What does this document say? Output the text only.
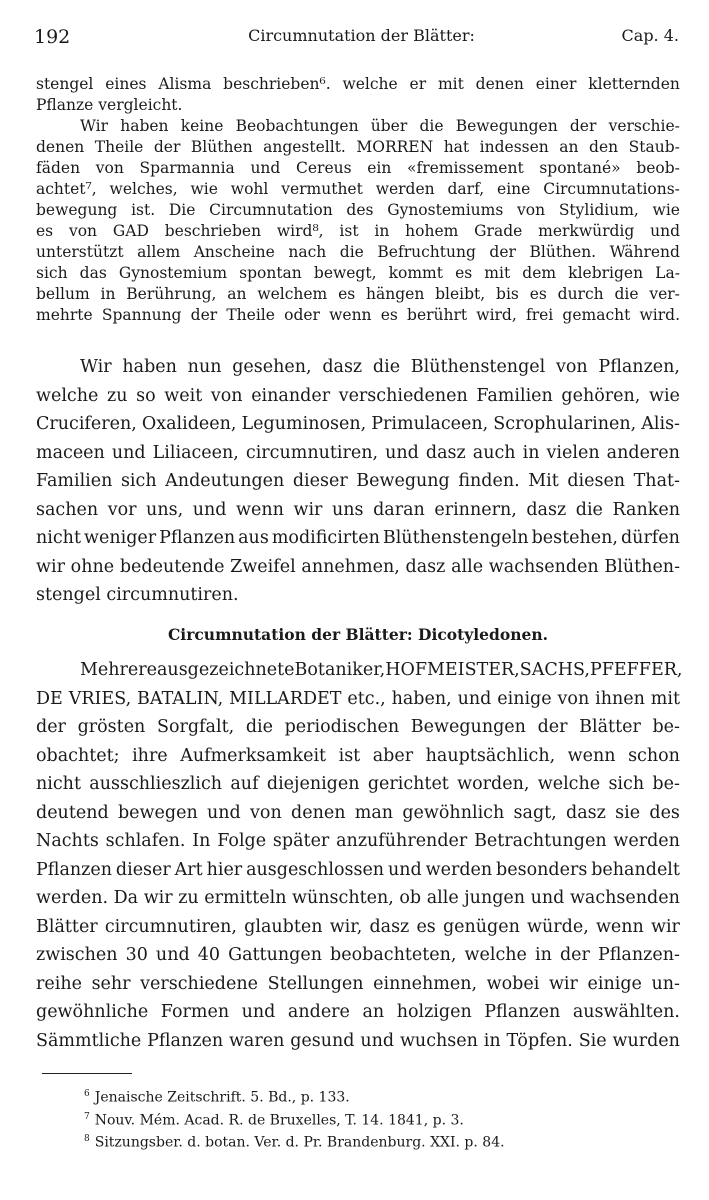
192	Circumnutation der Blätter:	Cap. 4.
stengel eines Alisma beschrieben⁶. welche er mit denen einer kletternden
Pflanze vergleicht.
Wir haben keine Beobachtungen über die Bewegungen der verschie-
denen Theile der Blüthen angestellt. MORREN hat indessen an den Staub-
fäden von Sparmannia und Cereus ein «fremissement spontané» beob-
achtet⁷, welches, wie wohl vermuthet werden darf, eine Circumnutations-
bewegung ist. Die Circumnutation des Gynostemiums von Stylidium, wie
es von GAD beschrieben wird⁸, ist in hohem Grade merkwürdig und
unterstützt allem Anscheine nach die Befruchtung der Blüthen. Während
sich das Gynostemium spontan bewegt, kommt es mit dem klebrigen La-
bellum in Berührung, an welchem es hängen bleibt, bis es durch die ver-
mehrte Spannung der Theile oder wenn es berührt wird, frei gemacht wird.
Wir haben nun gesehen, dasz die Blüthenstengel von Pflanzen,
welche zu so weit von einander verschiedenen Familien gehören, wie
Cruciferen, Oxalideen, Leguminosen, Primulaceen, Scrophularinen, Alis-
maceen und Liliaceen, circumnutiren, und dasz auch in vielen anderen
Familien sich Andeutungen dieser Bewegung finden. Mit diesen That-
sachen vor uns, und wenn wir uns daran erinnern, dasz die Ranken
nicht weniger Pflanzen aus modificirten Blüthenstengeln bestehen, dürfen
wir ohne bedeutende Zweifel annehmen, dasz alle wachsenden Blüthen-
stengel circumnutiren.
Circumnutation der Blätter: Dicotyledonen.
Mehrere ausgezeichnete Botaniker, HOFMEISTER, SACHS, PFEFFER,
DE VRIES, BATALIN, MILLARDET etc., haben, und einige von ihnen mit
der grösten Sorgfalt, die periodischen Bewegungen der Blätter be-
obachtet; ihre Aufmerksamkeit ist aber hauptsächlich, wenn schon
nicht ausschlieszlich auf diejenigen gerichtet worden, welche sich be-
deutend bewegen und von denen man gewöhnlich sagt, dasz sie des
Nachts schlafen. In Folge später anzuführender Betrachtungen werden
Pflanzen dieser Art hier ausgeschlossen und werden besonders behandelt
werden. Da wir zu ermitteln wünschten, ob alle jungen und wachsenden
Blätter circumnutiren, glaubten wir, dasz es genügen würde, wenn wir
zwischen 30 und 40 Gattungen beobachteten, welche in der Pflanzen-
reihe sehr verschiedene Stellungen einnehmen, wobei wir einige un-
gewöhnliche Formen und andere an holzigen Pflanzen auswählten.
Sämmtliche Pflanzen waren gesund und wuchsen in Töpfen. Sie wurden
$^6$ Jenaische Zeitschrift. 5. Bd., p. 133.
$^7$ Nouv. Mém. Acad. R. de Bruxelles, T. 14. 1841, p. 3.
$^8$ Sitzungsber. d. botan. Ver. d. Pr. Brandenburg. XXI. p. 84.
